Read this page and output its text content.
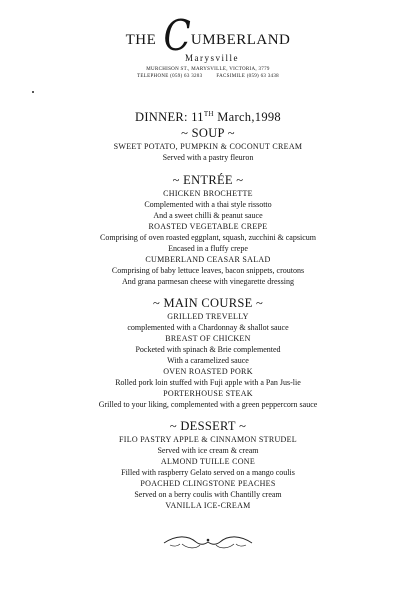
THE CUMBERLAND
Marysville
MURCHISON ST., MARYSVILLE, VICTORIA, 3779
TELEPHONE (059) 63 3203	FACSIMILE (059) 63 3438
DINNER: 11TH March,1998
~ SOUP ~
SWEET POTATO, PUMPKIN & COCONUT CREAM
Served with a pastry fleuron
~ ENTRÉE ~
CHICKEN BROCHETTE
Complemented with a thai style rissotto
And a sweet chilli & peanut sauce
ROASTED VEGETABLE CREPE
Comprising of oven roasted eggplant, squash, zucchini & capsicum
Encased in a fluffy crepe
CUMBERLAND CEASAR SALAD
Comprising of baby lettuce leaves, bacon snippets, croutons
And grana parmesan cheese with vinegarette dressing
~ MAIN COURSE ~
GRILLED TREVELLY
complemented with a Chardonnay & shallot sauce
BREAST OF CHICKEN
Pocketed with spinach & Brie complemented
With a caramelized sauce
OVEN ROASTED PORK
Rolled pork loin stuffed with Fuji apple with a Pan Jus-lie
PORTERHOUSE STEAK
Grilled to your liking, complemented with a green peppercorn sauce
~ DESSERT ~
FILO PASTRY APPLE & CINNAMON STRUDEL
Served with ice cream & cream
ALMOND TUILLE CONE
Filled with raspberry Gelato served on a mango coulis
POACHED CLINGSTONE PEACHES
Served on a berry coulis with Chantilly cream
VANILLA ICE-CREAM
